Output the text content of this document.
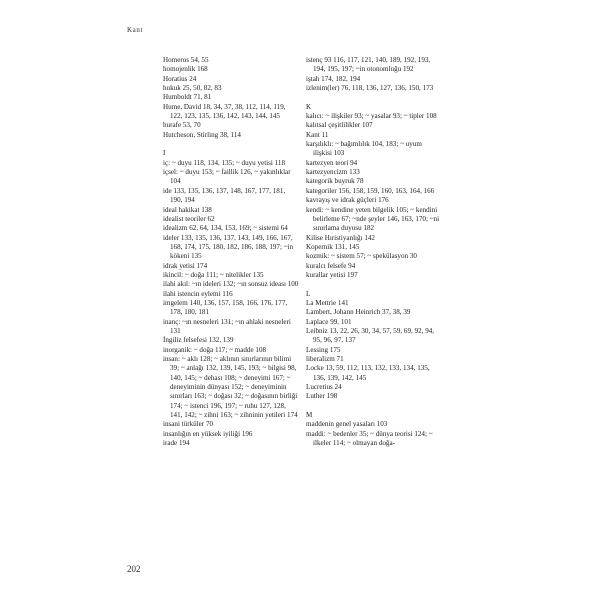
Kant
Homeros 54, 55
homojenlik 168
Horatius 24
hukuk 25, 50, 82, 83
Humboldt 71, 81
Hume, David 18, 34, 37, 38, 112, 114, 119, 122, 123, 135, 136, 142, 143, 144, 145
hurafe 53, 70
Hutcheson, Stirling 38, 114
I
iç: ~ duyu 118, 134, 135; ~ duyu yetisi 118
içsel: ~ duyu 153; ~ faillik 126, ~ yakınlıklar 104
ide 133, 135, 136, 137, 148, 167, 177, 181, 190, 194
ideal hakikat 138
idealist teoriler 62
idealizm 62, 64, 134, 153, 169; ~ sistemi 64
ideler 133, 135, 136, 137, 143, 149, 166, 167, 168, 174, 175, 180, 182, 186, 188, 197; ~in kökeni 135
idrak yetisi 174
ikincil: ~ doğa 111; ~ nitelikler 135
ilahi akıl: ~ın ideleri 132; ~ın sonsuz ideası 100
ilahi istencin eylemi 116
imgelem 140, 136, 157, 158, 166, 176, 177, 178, 180, 181
inanç: ~ın nesneleri 131; ~ın ahlaki nesneleri 131
İngiliz felsefesi 132, 139
inorganik: ~ doğa 117; ~ madde 108
insan: ~ aklı 128; ~ aklının sınırlarının bilimi 39; ~ anlağı 132, 139, 145, 193; ~ bilgisi 98, 140, 145; ~ dehası 108; ~ deneyimi 167; ~ deneyiminin dünyası 152; ~ deneyiminin sınırları 163; ~ doğası 32; ~ doğasının birliği 174; ~ istenci 196, 197; ~ ruhu 127, 128, 141, 142; ~ zihni 163; ~ zihninin yetileri 174
insani türküler 70
insanlığın en yüksek iyiliği 196
irade 194
istenç 93 116, 117, 121, 140, 189, 192, 193, 194, 195, 197; ~in otonomluğu 192
iştah 174, 182, 194
izlenim(ler) 76, 118, 136, 127, 136, 150, 173
K
kalıcı: ~ ilişkiler 93; ~ yasalar 93; ~ tipler 108
kalıtsal çeşitlilikler 107
Kant 11
karşılıklı: ~ bağımlılık 104, 183; ~ uyum ilişkisi 103
kartezyen teori 94
kartezyencizm 133
kategorik buyruk 78
kategoriler 156, 158, 159, 160, 163, 164, 166
kavrayış ve idrak güçleri 176
kendi: ~ kendine yeten bilgelik 105; ~ kendini belirleme 67; ~nde şeyler 146, 163, 170; ~ni sınırlama duyusu 182
Kilise Hıristiyanlığı 142
Kopernik 131, 145
kozmik: ~ sistem 57; ~ spekülasyon 30
kuralcı felsefe 94
kurallar yetisi 197
L
La Mettrie 141
Lambert, Johann Heinrich 37, 38, 39
Laplace 99, 101
Leibniz 13, 22, 26, 30, 34, 57, 59, 69, 92, 94, 95, 96, 97, 137
Lessing 175
liberalizm 71
Locke 13, 59, 112, 113, 132, 133, 134, 135, 136, 139, 142, 145
Lucretius 24
Luther 198
M
maddenin genel yasaları 103
maddi: ~ bedenler 35; ~ dünya teorisi 124; ~ ilkeler 114; ~ olmayan doğa-
202
